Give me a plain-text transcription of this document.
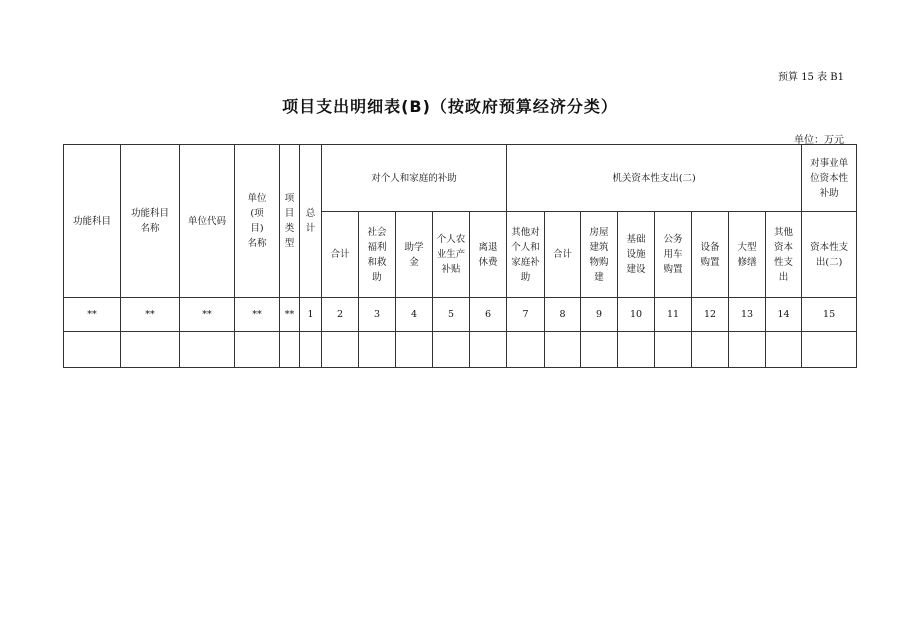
预算 15 表 B1
项目支出明细表(B)（按政府预算经济分类）
单位：万元
功能科目	功能科目名称	单位代码	单位(项目)名称	项目类型	总计	对个人和家庭的补助					机关资本性支出(二)								对事业单位资本性补助
						合计	社会福利和救助	助学金	个人农业生产补贴	离退休费	其他对个人和家庭补助	合计	房屋建筑物购建	基础设施建设	公务用车购置	设备购置	大型修缮	其他资本性支出	资本性支出(二)
**	**	**	**	**	1	2	3	4	5	6	7	8	9	10	11	12	13	14	15
